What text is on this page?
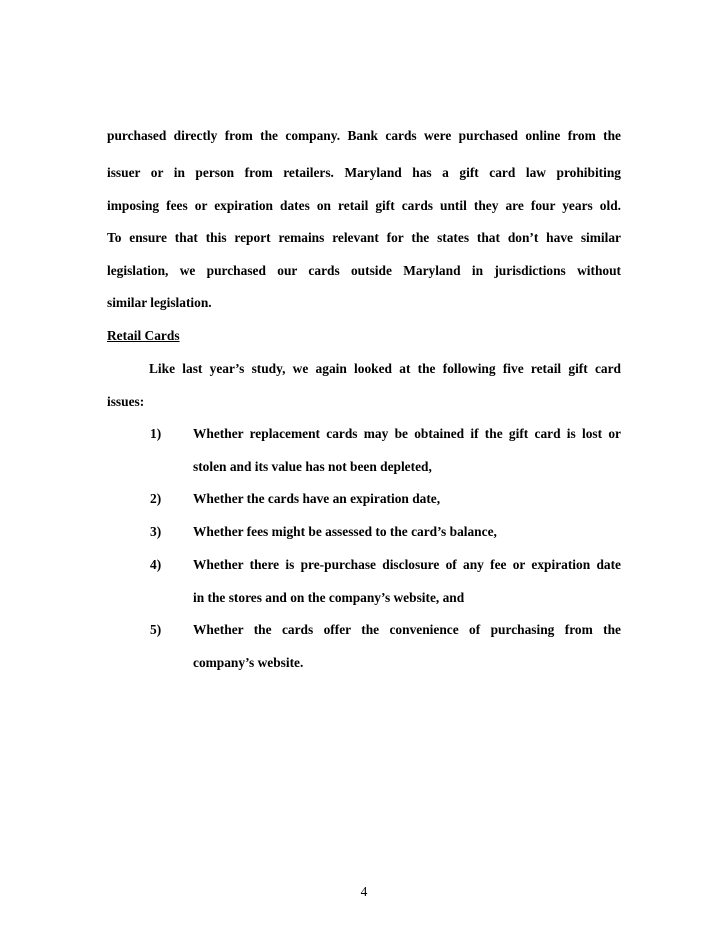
purchased directly from the company. Bank cards were purchased online from the
issuer or in person from retailers. Maryland has a gift card law prohibiting
imposing fees or expiration dates on retail gift cards until they are four years old.
To ensure that this report remains relevant for the states that don’t have similar
legislation, we purchased our cards outside Maryland in jurisdictions without
similar legislation.
Retail Cards
Like last year’s study, we again looked at the following five retail gift card
issues:
1) Whether replacement cards may be obtained if the gift card is lost or
stolen and its value has not been depleted,
2) Whether the cards have an expiration date,
3) Whether fees might be assessed to the card’s balance,
4) Whether there is pre-purchase disclosure of any fee or expiration date
in the stores and on the company’s website, and
5) Whether the cards offer the convenience of purchasing from the
company’s website.
4
